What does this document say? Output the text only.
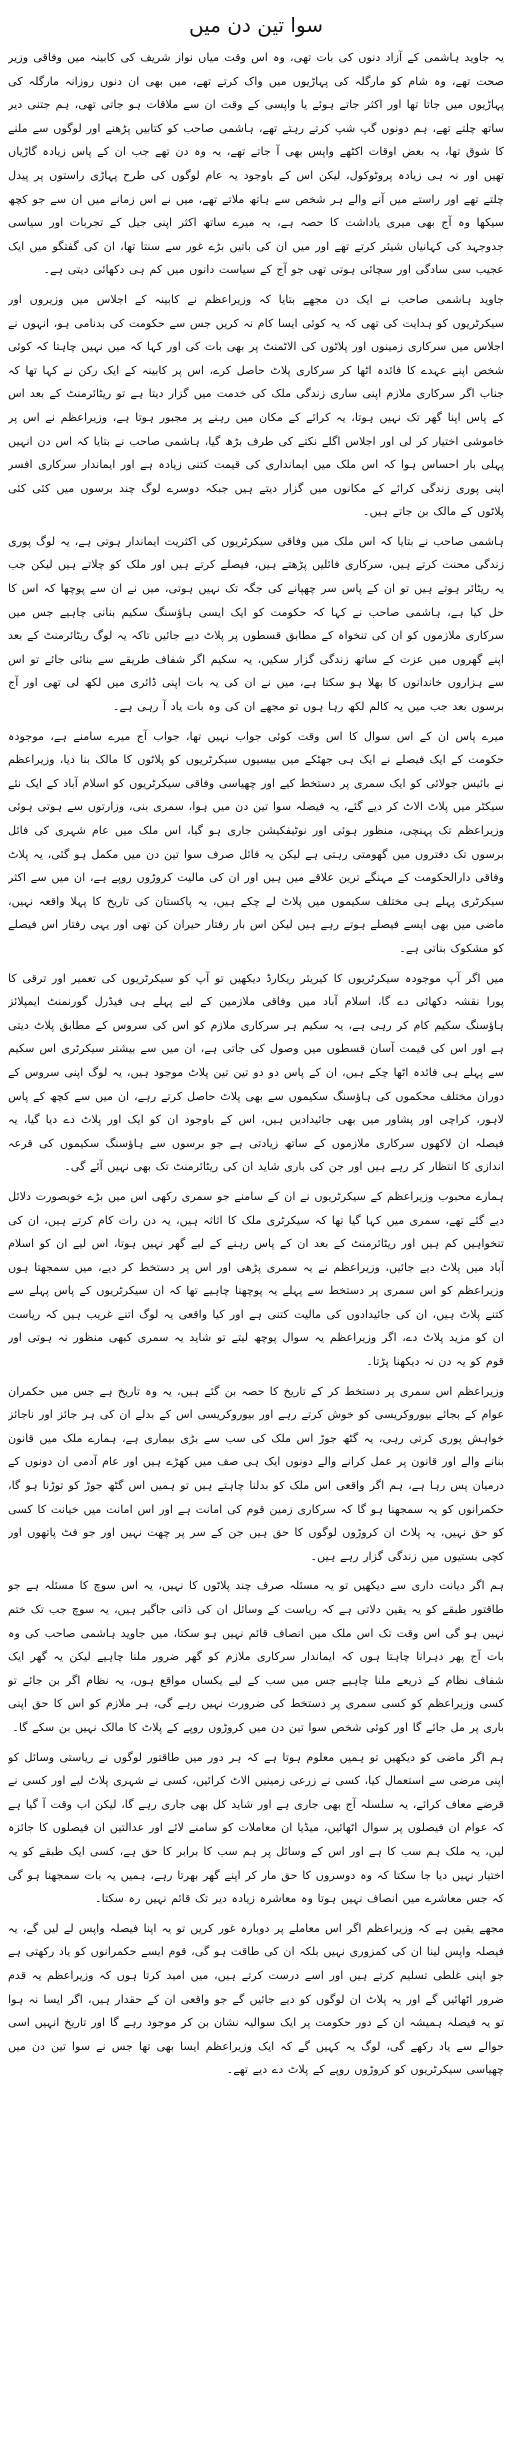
سوا تین دن میں

یہ جاوید ہاشمی کے آزاد دنوں کی بات تھی، وہ اس وقت میاں نواز شریف کی کابینہ میں وفاقی وزیر صحت تھے، وہ شام کو مارگلہ کی پہاڑیوں میں واک کرتے تھے، میں بھی ان دنوں روزانہ مارگلہ کی پہاڑیوں میں جاتا تھا اور اکثر جاتے ہوئے یا واپسی کے وقت ان سے ملاقات ہو جاتی تھی، ہم جتنی دیر ساتھ چلتے تھے، ہم دونوں گپ شپ کرتے رہتے تھے، ہاشمی صاحب کو کتابیں پڑھنے اور لوگوں سے ملنے کا شوق تھا، یہ بعض اوقات اکٹھے واپس بھی آ جاتے تھے، یہ وہ دن تھے جب ان کے پاس زیادہ گاڑیاں تھیں اور نہ ہی زیادہ پروٹوکول، لیکن اس کے باوجود یہ عام لوگوں کی طرح پہاڑی راستوں پر پیدل چلتے تھے اور راستے میں آنے والے ہر شخص سے ہاتھ ملاتے تھے، میں نے اس زمانے میں ان سے جو کچھ سیکھا وہ آج بھی میری یاداشت کا حصہ ہے، یہ میرے ساتھ اکثر اپنی جیل کے تجربات اور سیاسی جدوجہد کی کہانیاں شیئر کرتے تھے اور میں ان کی باتیں بڑے غور سے سنتا تھا، ان کی گفتگو میں ایک عجیب سی سادگی اور سچائی ہوتی تھی جو آج کے سیاست دانوں میں کم ہی دکھائی دیتی ہے۔

جاوید ہاشمی صاحب نے ایک دن مجھے بتایا کہ وزیراعظم نے کابینہ کے اجلاس میں وزیروں اور سیکرٹریوں کو ہدایت کی تھی کہ یہ کوئی ایسا کام نہ کریں جس سے حکومت کی بدنامی ہو، انہوں نے اجلاس میں سرکاری زمینوں اور پلاٹوں کی الاٹمنٹ پر بھی بات کی اور کہا کہ میں نہیں چاہتا کہ کوئی شخص اپنے عہدے کا فائدہ اٹھا کر سرکاری پلاٹ حاصل کرے، اس پر کابینہ کے ایک رکن نے کہا تھا کہ جناب اگر سرکاری ملازم اپنی ساری زندگی ملک کی خدمت میں گزار دیتا ہے تو ریٹائرمنٹ کے بعد اس کے پاس اپنا گھر تک نہیں ہوتا، یہ کرائے کے مکان میں رہنے پر مجبور ہوتا ہے، وزیراعظم نے اس پر خاموشی اختیار کر لی اور اجلاس اگلے نکتے کی طرف بڑھ گیا، ہاشمی صاحب نے بتایا کہ اس دن انہیں پہلی بار احساس ہوا کہ اس ملک میں ایمانداری کی قیمت کتنی زیادہ ہے اور ایماندار سرکاری افسر اپنی پوری زندگی کرائے کے مکانوں میں گزار دیتے ہیں جبکہ دوسرے لوگ چند برسوں میں کئی کئی پلاٹوں کے مالک بن جاتے ہیں۔

ہاشمی صاحب نے بتایا کہ اس ملک میں وفاقی سیکرٹریوں کی اکثریت ایماندار ہوتی ہے، یہ لوگ پوری زندگی محنت کرتے ہیں، سرکاری فائلیں پڑھتے ہیں، فیصلے کرتے ہیں اور ملک کو چلاتے ہیں لیکن جب یہ ریٹائر ہوتے ہیں تو ان کے پاس سر چھپانے کی جگہ تک نہیں ہوتی، میں نے ان سے پوچھا کہ اس کا حل کیا ہے، ہاشمی صاحب نے کہا کہ حکومت کو ایک ایسی ہاؤسنگ سکیم بنانی چاہیے جس میں سرکاری ملازموں کو ان کی تنخواہ کے مطابق قسطوں پر پلاٹ دیے جائیں تاکہ یہ لوگ ریٹائرمنٹ کے بعد اپنے گھروں میں عزت کے ساتھ زندگی گزار سکیں، یہ سکیم اگر شفاف طریقے سے بنائی جائے تو اس سے ہزاروں خاندانوں کا بھلا ہو سکتا ہے، میں نے ان کی یہ بات اپنی ڈائری میں لکھ لی تھی اور آج برسوں بعد جب میں یہ کالم لکھ رہا ہوں تو مجھے ان کی وہ بات یاد آ رہی ہے۔

میرے پاس ان کے اس سوال کا اس وقت کوئی جواب نہیں تھا، جواب آج میرے سامنے ہے، موجودہ حکومت کے ایک فیصلے نے ایک ہی جھٹکے میں بیسیوں سیکرٹریوں کو پلاٹوں کا مالک بنا دیا، وزیراعظم نے بائیس جولائی کو ایک سمری پر دستخط کیے اور چھیاسی وفاقی سیکرٹریوں کو اسلام آباد کے ایک نئے سیکٹر میں پلاٹ الاٹ کر دیے گئے، یہ فیصلہ سوا تین دن میں ہوا، سمری بنی، وزارتوں سے ہوتی ہوئی وزیراعظم تک پہنچی، منظور ہوئی اور نوٹیفکیشن جاری ہو گیا، اس ملک میں عام شہری کی فائل برسوں تک دفتروں میں گھومتی رہتی ہے لیکن یہ فائل صرف سوا تین دن میں مکمل ہو گئی، یہ پلاٹ وفاقی دارالحکومت کے مہنگے ترین علاقے میں ہیں اور ان کی مالیت کروڑوں روپے ہے، ان میں سے اکثر سیکرٹری پہلے ہی مختلف سکیموں میں پلاٹ لے چکے ہیں، یہ پاکستان کی تاریخ کا پہلا واقعہ نہیں، ماضی میں بھی ایسے فیصلے ہوتے رہے ہیں لیکن اس بار رفتار حیران کن تھی اور یہی رفتار اس فیصلے کو مشکوک بناتی ہے۔

میں اگر آپ موجودہ سیکرٹریوں کا کیریئر ریکارڈ دیکھیں تو آپ کو سیکرٹریوں کی تعمیر اور ترقی کا پورا نقشہ دکھائی دے گا، اسلام آباد میں وفاقی ملازمین کے لیے پہلے ہی فیڈرل گورنمنٹ ایمپلائز ہاؤسنگ سکیم کام کر رہی ہے، یہ سکیم ہر سرکاری ملازم کو اس کی سروس کے مطابق پلاٹ دیتی ہے اور اس کی قیمت آسان قسطوں میں وصول کی جاتی ہے، ان میں سے بیشتر سیکرٹری اس سکیم سے پہلے ہی فائدہ اٹھا چکے ہیں، ان کے پاس دو دو تین تین پلاٹ موجود ہیں، یہ لوگ اپنی سروس کے دوران مختلف محکموں کی ہاؤسنگ سکیموں سے بھی پلاٹ حاصل کرتے رہے، ان میں سے کچھ کے پاس لاہور، کراچی اور پشاور میں بھی جائیدادیں ہیں، اس کے باوجود ان کو ایک اور پلاٹ دے دیا گیا، یہ فیصلہ ان لاکھوں سرکاری ملازموں کے ساتھ زیادتی ہے جو برسوں سے ہاؤسنگ سکیموں کی قرعہ اندازی کا انتظار کر رہے ہیں اور جن کی باری شاید ان کی ریٹائرمنٹ تک بھی نہیں آئے گی۔

ہمارے محبوب وزیراعظم کے سیکرٹریوں نے ان کے سامنے جو سمری رکھی اس میں بڑے خوبصورت دلائل دیے گئے تھے، سمری میں کہا گیا تھا کہ سیکرٹری ملک کا اثاثہ ہیں، یہ دن رات کام کرتے ہیں، ان کی تنخواہیں کم ہیں اور ریٹائرمنٹ کے بعد ان کے پاس رہنے کے لیے گھر نہیں ہوتا، اس لیے ان کو اسلام آباد میں پلاٹ دیے جائیں، وزیراعظم نے یہ سمری پڑھی اور اس پر دستخط کر دیے، میں سمجھتا ہوں وزیراعظم کو اس سمری پر دستخط سے پہلے یہ پوچھنا چاہیے تھا کہ ان سیکرٹریوں کے پاس پہلے سے کتنے پلاٹ ہیں، ان کی جائیدادوں کی مالیت کتنی ہے اور کیا واقعی یہ لوگ اتنے غریب ہیں کہ ریاست ان کو مزید پلاٹ دے، اگر وزیراعظم یہ سوال پوچھ لیتے تو شاید یہ سمری کبھی منظور نہ ہوتی اور قوم کو یہ دن نہ دیکھنا پڑتا۔

وزیراعظم اس سمری پر دستخط کر کے تاریخ کا حصہ بن گئے ہیں، یہ وہ تاریخ ہے جس میں حکمران عوام کے بجائے بیوروکریسی کو خوش کرتے رہے اور بیوروکریسی اس کے بدلے ان کی ہر جائز اور ناجائز خواہش پوری کرتی رہی، یہ گٹھ جوڑ اس ملک کی سب سے بڑی بیماری ہے، ہمارے ملک میں قانون بنانے والے اور قانون پر عمل کرانے والے دونوں ایک ہی صف میں کھڑے ہیں اور عام آدمی ان دونوں کے درمیان پس رہا ہے، ہم اگر واقعی اس ملک کو بدلنا چاہتے ہیں تو ہمیں اس گٹھ جوڑ کو توڑنا ہو گا، حکمرانوں کو یہ سمجھنا ہو گا کہ سرکاری زمین قوم کی امانت ہے اور اس امانت میں خیانت کا کسی کو حق نہیں، یہ پلاٹ ان کروڑوں لوگوں کا حق ہیں جن کے سر پر چھت نہیں اور جو فٹ پاتھوں اور کچی بستیوں میں زندگی گزار رہے ہیں۔

ہم اگر دیانت داری سے دیکھیں تو یہ مسئلہ صرف چند پلاٹوں کا نہیں، یہ اس سوچ کا مسئلہ ہے جو طاقتور طبقے کو یہ یقین دلاتی ہے کہ ریاست کے وسائل ان کی ذاتی جاگیر ہیں، یہ سوچ جب تک ختم نہیں ہو گی اس وقت تک اس ملک میں انصاف قائم نہیں ہو سکتا، میں جاوید ہاشمی صاحب کی وہ بات آج پھر دہرانا چاہتا ہوں کہ ایماندار سرکاری ملازم کو گھر ضرور ملنا چاہیے لیکن یہ گھر ایک شفاف نظام کے ذریعے ملنا چاہیے جس میں سب کے لیے یکساں مواقع ہوں، یہ نظام اگر بن جائے تو کسی وزیراعظم کو کسی سمری پر دستخط کی ضرورت نہیں رہے گی، ہر ملازم کو اس کا حق اپنی باری پر مل جائے گا اور کوئی شخص سوا تین دن میں کروڑوں روپے کے پلاٹ کا مالک نہیں بن سکے گا۔

ہم اگر ماضی کو دیکھیں تو ہمیں معلوم ہوتا ہے کہ ہر دور میں طاقتور لوگوں نے ریاستی وسائل کو اپنی مرضی سے استعمال کیا، کسی نے زرعی زمینیں الاٹ کرائیں، کسی نے شہری پلاٹ لیے اور کسی نے قرضے معاف کرائے، یہ سلسلہ آج بھی جاری ہے اور شاید کل بھی جاری رہے گا، لیکن اب وقت آ گیا ہے کہ عوام ان فیصلوں پر سوال اٹھائیں، میڈیا ان معاملات کو سامنے لائے اور عدالتیں ان فیصلوں کا جائزہ لیں، یہ ملک ہم سب کا ہے اور اس کے وسائل پر ہم سب کا برابر کا حق ہے، کسی ایک طبقے کو یہ اختیار نہیں دیا جا سکتا کہ وہ دوسروں کا حق مار کر اپنے گھر بھرتا رہے، ہمیں یہ بات سمجھنا ہو گی کہ جس معاشرے میں انصاف نہیں ہوتا وہ معاشرہ زیادہ دیر تک قائم نہیں رہ سکتا۔

مجھے یقین ہے کہ وزیراعظم اگر اس معاملے پر دوبارہ غور کریں تو یہ اپنا فیصلہ واپس لے لیں گے، یہ فیصلہ واپس لینا ان کی کمزوری نہیں بلکہ ان کی طاقت ہو گی، قوم ایسے حکمرانوں کو یاد رکھتی ہے جو اپنی غلطی تسلیم کرتے ہیں اور اسے درست کرتے ہیں، میں امید کرتا ہوں کہ وزیراعظم یہ قدم ضرور اٹھائیں گے اور یہ پلاٹ ان لوگوں کو دیے جائیں گے جو واقعی ان کے حقدار ہیں، اگر ایسا نہ ہوا تو یہ فیصلہ ہمیشہ ان کے دور حکومت پر ایک سوالیہ نشان بن کر موجود رہے گا اور تاریخ انہیں اسی حوالے سے یاد رکھے گی، لوگ یہ کہیں گے کہ ایک وزیراعظم ایسا بھی تھا جس نے سوا تین دن میں چھیاسی سیکرٹریوں کو کروڑوں روپے کے پلاٹ دے دیے تھے۔
